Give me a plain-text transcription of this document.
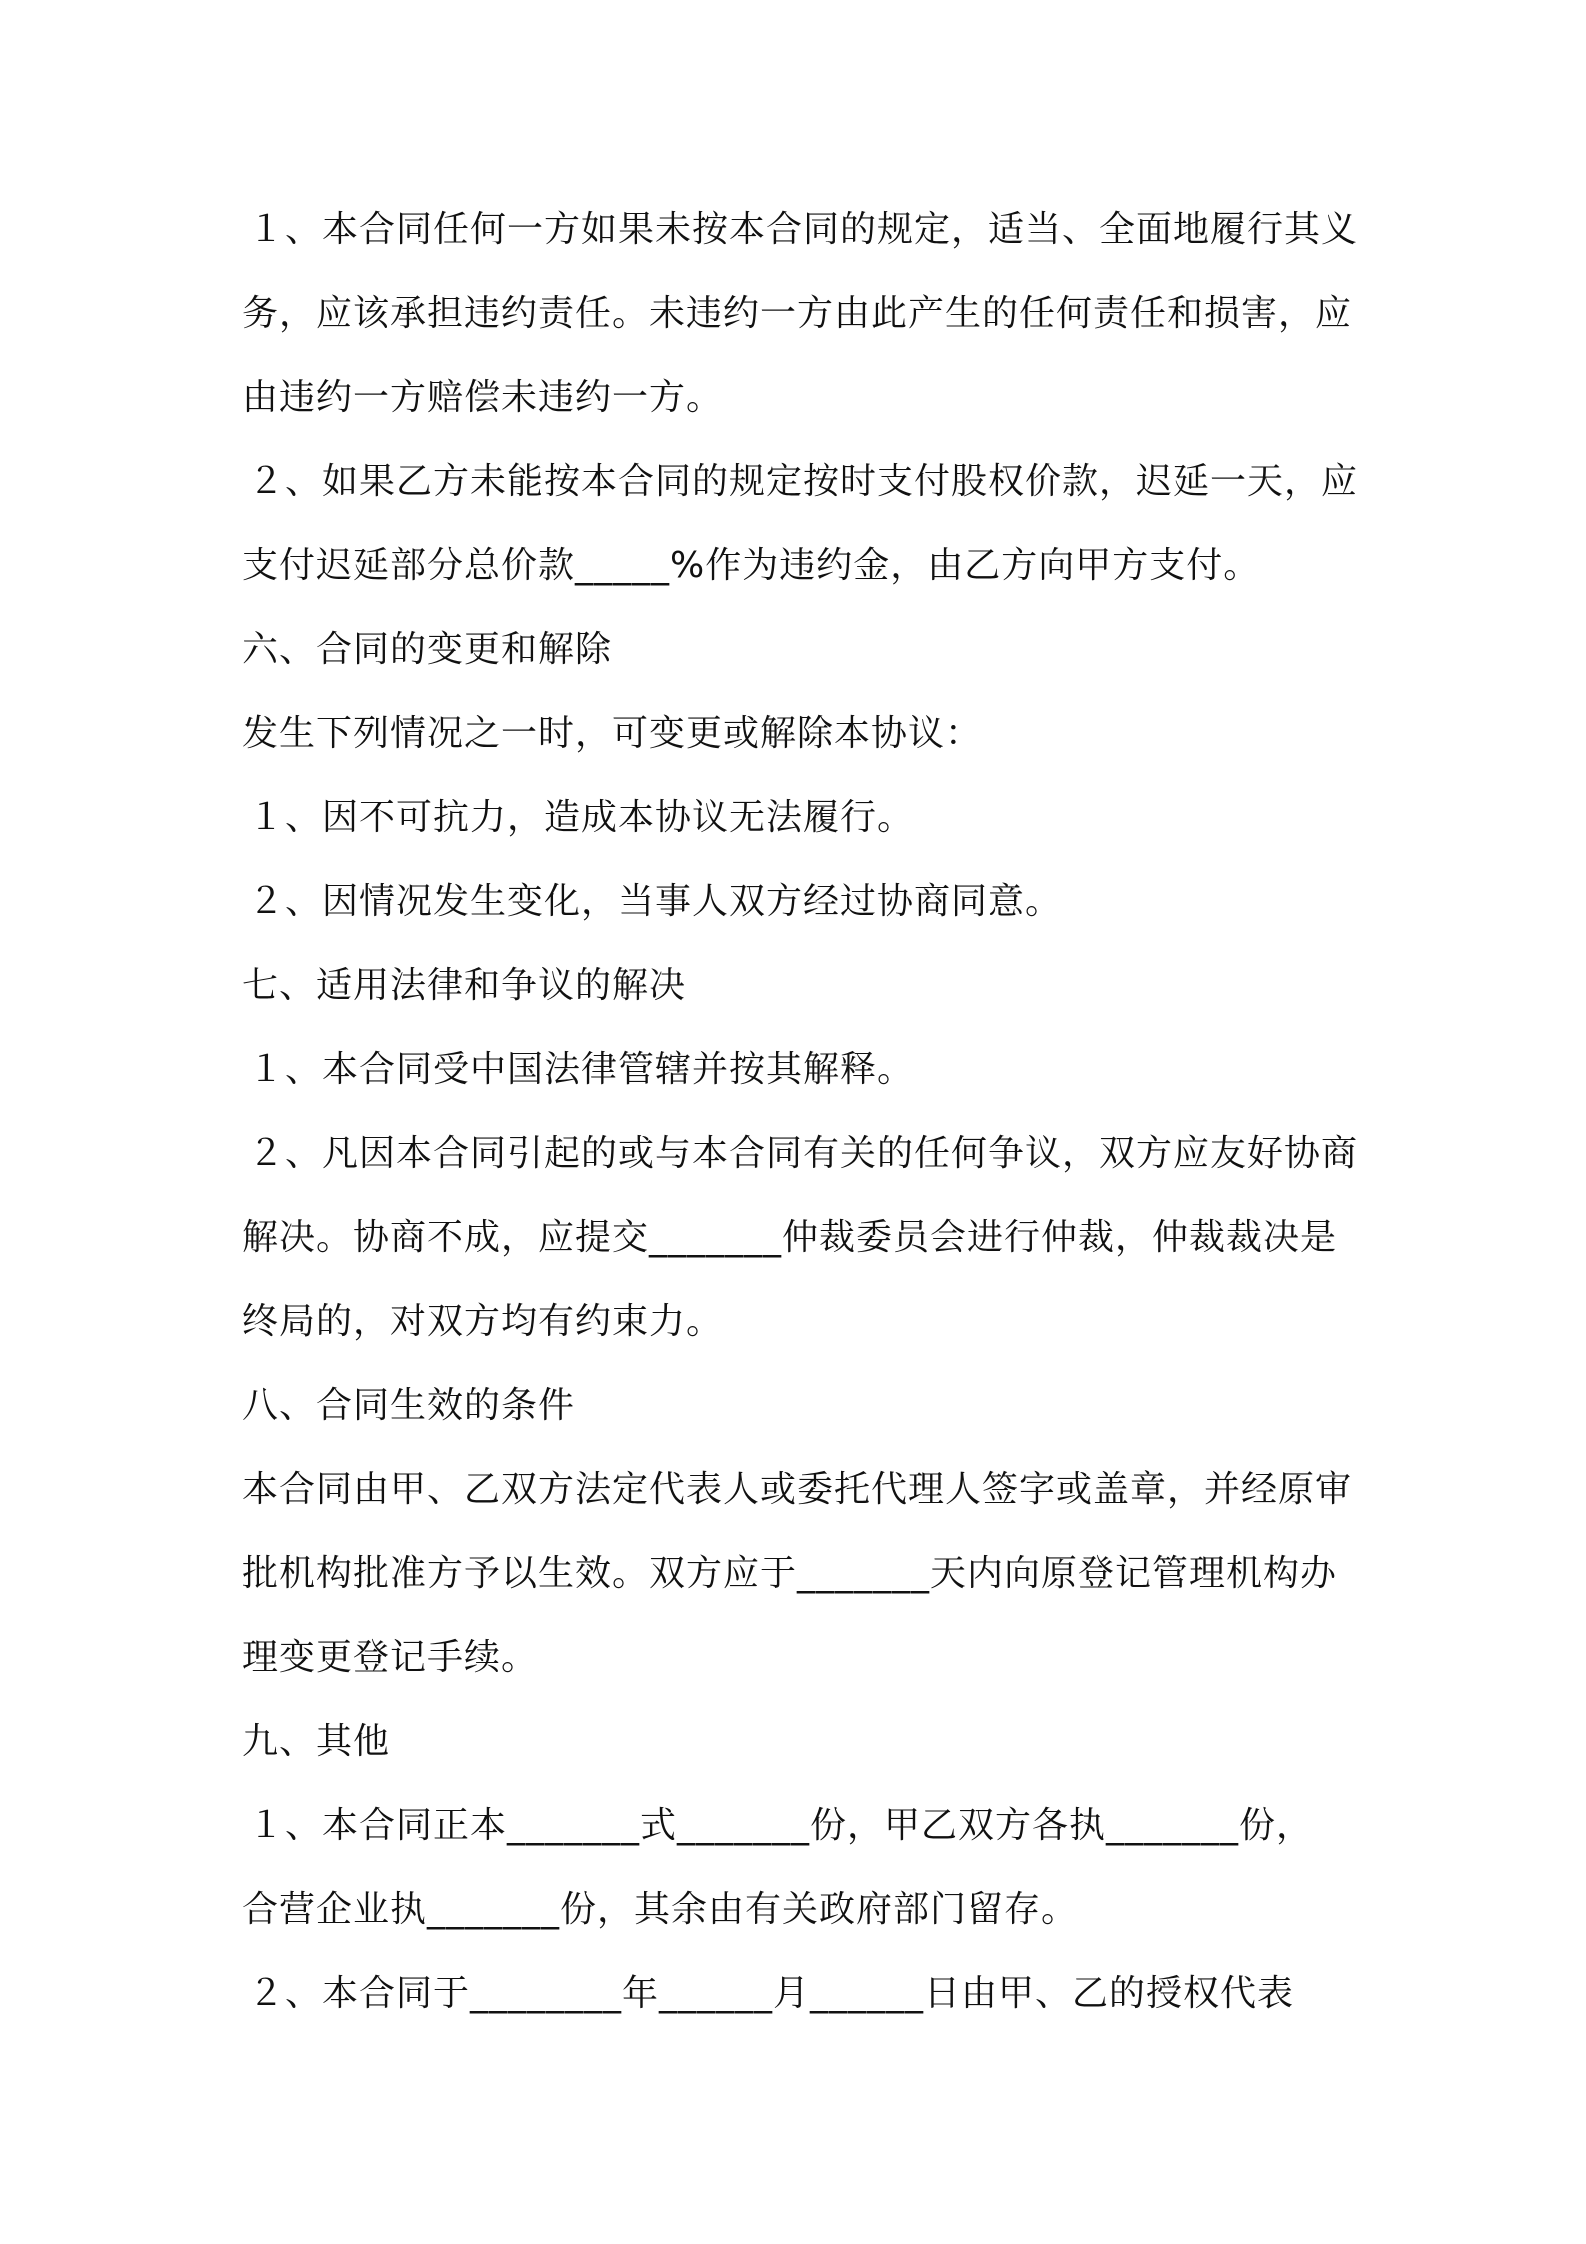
１、本合同任何一方如果未按本合同的规定，适当、全面地履行其义
务，应该承担违约责任。未违约一方由此产生的任何责任和损害，应
由违约一方赔偿未违约一方。
２、如果乙方未能按本合同的规定按时支付股权价款，迟延一天，应
支付迟延部分总价款_____%作为违约金，由乙方向甲方支付。
六、合同的变更和解除
发生下列情况之一时，可变更或解除本协议：
１、因不可抗力，造成本协议无法履行。
２、因情况发生变化，当事人双方经过协商同意。
七、适用法律和争议的解决
１、本合同受中国法律管辖并按其解释。
２、凡因本合同引起的或与本合同有关的任何争议，双方应友好协商
解决。协商不成，应提交_______仲裁委员会进行仲裁，仲裁裁决是
终局的，对双方均有约束力。
八、合同生效的条件
本合同由甲、乙双方法定代表人或委托代理人签字或盖章，并经原审
批机构批准方予以生效。双方应于_______天内向原登记管理机构办
理变更登记手续。
九、其他
１、本合同正本_______式_______份，甲乙双方各执_______份，
合营企业执_______份，其余由有关政府部门留存。
２、本合同于________年______月______日由甲、乙的授权代表
